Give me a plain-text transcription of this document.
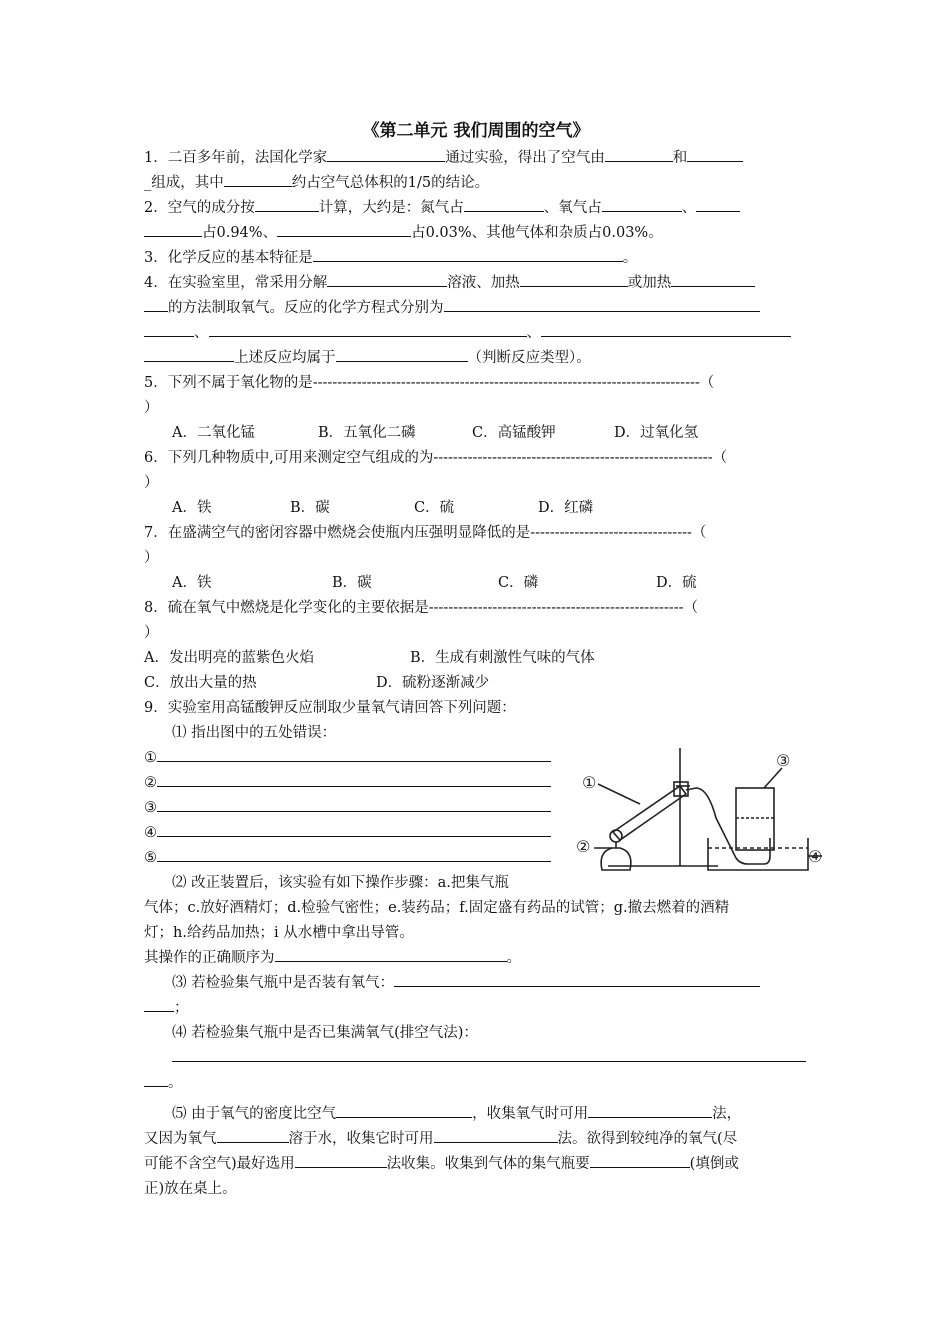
《第二单元 我们周围的空气》
1．二百多年前，法国化学家	通过实验，得出了空气由	和
_组成，其中	约占空气总体积的1/5的结论。
2．空气的成分按	计算，大约是：氮气占	、氧气占	、
占0.94%、	占0.03%、其他气体和杂质占0.03%。
3．化学反应的基本特征是	。
4．在实验室里，常采用分解	溶液、加热	或加热
的方法制取氧气。反应的化学方程式分别为
、	、
上述反应均属于	（判断反应类型）。
5．下列不属于氧化物的是-------------------------------------------------------------------------------（
）
A．二氧化锰	B．五氧化二磷	C．高锰酸钾	D．过氧化氢
6．下列几种物质中,可用来测定空气组成的为---------------------------------------------------------（
）
A．铁	B．碳	C．硫	D．红磷
7．在盛满空气的密闭容器中燃烧会使瓶内压强明显降低的是---------------------------------（
）
A．铁	B．碳	C．磷	D．硫
8．硫在氧气中燃烧是化学变化的主要依据是----------------------------------------------------（
）
A．发出明亮的蓝紫色火焰	B．生成有刺激性气味的气体
C．放出大量的热	D．硫粉逐渐减少
9．实验室用高锰酸钾反应制取少量氧气请回答下列问题：
⑴ 指出图中的五处错误：
①
②
③
④
⑤
⑵ 改正装置后，该实验有如下操作步骤：a.把集气瓶
气体；c.放好酒精灯；d.检验气密性；e.装药品；f.固定盛有药品的试管；g.撤去燃着的酒精
灯；h.给药品加热；i 从水槽中拿出导管。
其操作的正确顺序为	。
⑶ 若检验集气瓶中是否装有氧气：
；
⑷ 若检验集气瓶中是否已集满氧气(排空气法)：
。
⑸ 由于氧气的密度比空气	，收集氧气时可用	法，
又因为氧气	溶于水，收集它时可用	法。欲得到较纯净的氧气(尽
可能不含空气)最好选用	法收集。收集到气体的集气瓶要	(填倒或
正)放在桌上。
①
②
③
④
